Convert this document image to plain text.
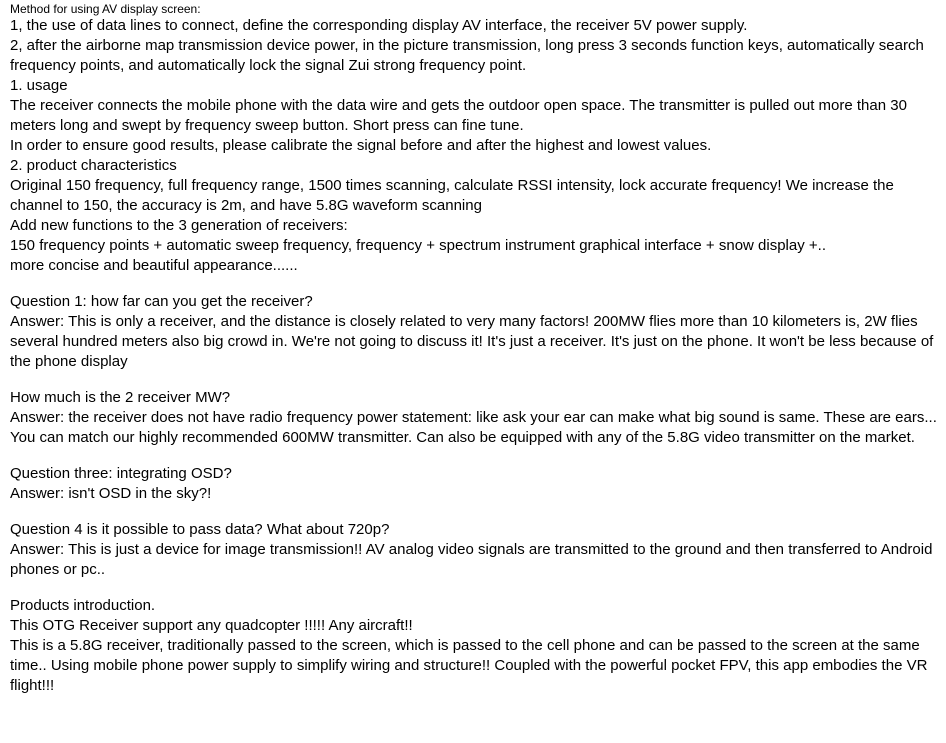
Method for using AV display screen:

1, the use of data lines to connect, define the corresponding display AV interface, the receiver 5V power supply.

2, after the airborne map transmission device power, in the picture transmission, long press 3 seconds function keys, automatically search frequency points, and automatically lock the signal Zui strong frequency point.

1. usage

The receiver connects the mobile phone with the data wire and gets the outdoor open space. The transmitter is pulled out more than 30 meters long and swept by frequency sweep button. Short press can fine tune.

In order to ensure good results, please calibrate the signal before and after the highest and lowest values.

2. product characteristics

Original 150 frequency, full frequency range, 1500 times scanning, calculate RSSI intensity, lock accurate frequency! We increase the channel to 150, the accuracy is 2m, and have 5.8G waveform scanning

Add new functions to the 3 generation of receivers:

150 frequency points + automatic sweep frequency, frequency + spectrum instrument graphical interface + snow display +..

more concise and beautiful appearance......

Question 1: how far can you get the receiver?

Answer: This is only a receiver, and the distance is closely related to very many factors! 200MW flies more than 10 kilometers is, 2W flies several hundred meters also big crowd in. We're not going to discuss it! It's just a receiver. It's just on the phone. It won't be less because of the phone display

How much is the 2 receiver MW?

Answer: the receiver does not have radio frequency power statement: like ask your ear can make what big sound is same. These are ears...

You can match our highly recommended 600MW transmitter. Can also be equipped with any of the 5.8G video transmitter on the market.

Question three: integrating OSD?

Answer: isn't OSD in the sky?!

Question 4 is it possible to pass data? What about 720p?

Answer: This is just a device for image transmission!! AV analog video signals are transmitted to the ground and then transferred to Android phones or pc..

Products introduction.

This OTG Receiver support any quadcopter !!!!! Any aircraft!!

This is a 5.8G receiver, traditionally passed to the screen, which is passed to the cell phone and can be passed to the screen at the same time.. Using mobile phone power supply to simplify wiring and structure!! Coupled with the powerful pocket FPV, this app embodies the VR flight!!!
